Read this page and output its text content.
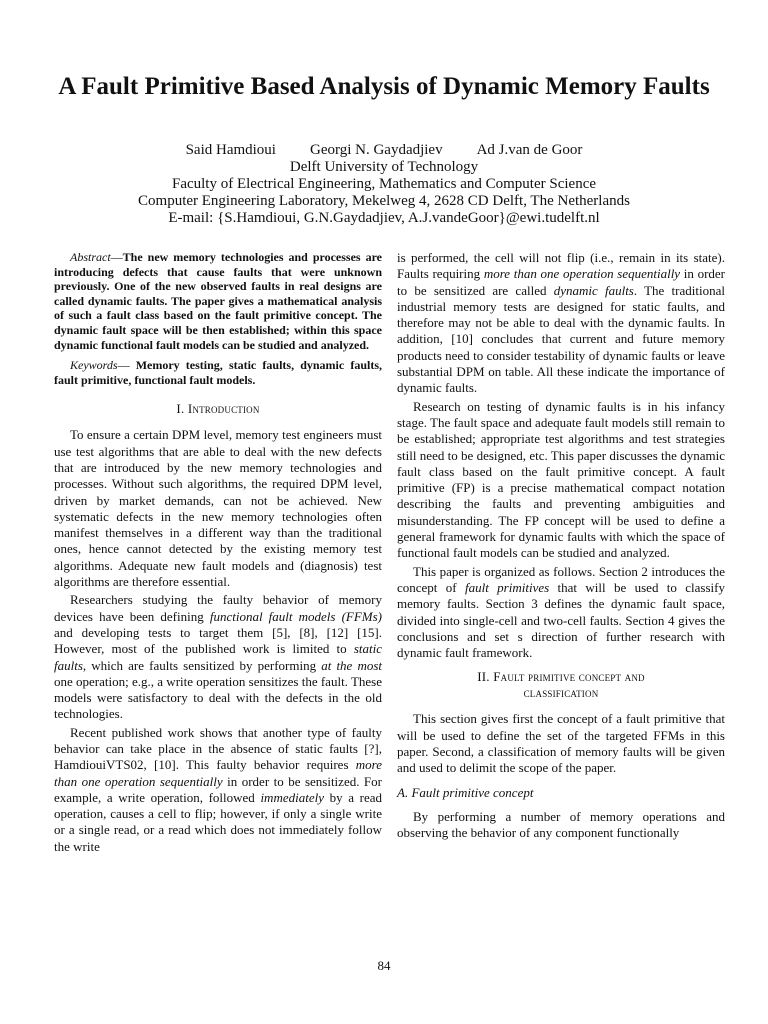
A Fault Primitive Based Analysis of Dynamic Memory Faults
Said Hamdioui Georgi N. Gaydadjiev Ad J.van de Goor
Delft University of Technology
Faculty of Electrical Engineering, Mathematics and Computer Science
Computer Engineering Laboratory, Mekelweg 4, 2628 CD Delft, The Netherlands
E-mail: {S.Hamdioui, G.N.Gaydadjiev, A.J.vandeGoor}@ewi.tudelft.nl

Abstract—The new memory technologies and processes are introducing defects that cause faults that were unknown previously. One of the new observed faults in real designs are called dynamic faults. The paper gives a mathematical analysis of such a fault class based on the fault primitive concept. The dynamic fault space will be then established; within this space dynamic functional fault models can be studied and analyzed.

Keywords— Memory testing, static faults, dynamic faults, fault primitive, functional fault models.

I. Introduction

To ensure a certain DPM level, memory test engineers must use test algorithms that are able to deal with the new defects that are introduced by the new memory technologies and processes. Without such algorithms, the required DPM level, driven by market demands, can not be achieved. New systematic defects in the new memory technologies often manifest themselves in a different way than the traditional ones, hence cannot detected by the existing memory test algorithms. Adequate new fault models and (diagnosis) test algorithms are therefore essential.

Researchers studying the faulty behavior of memory devices have been defining functional fault models (FFMs) and developing tests to target them [5], [8], [12] [15]. However, most of the published work is limited to static faults, which are faults sensitized by performing at the most one operation; e.g., a write operation sensitizes the fault. These models were satisfactory to deal with the defects in the old technologies.

Recent published work shows that another type of faulty behavior can take place in the absence of static faults [?], HamdiouiVTS02, [10]. This faulty behavior requires more than one operation sequentially in order to be sensitized. For example, a write operation, followed immediately by a read operation, causes a cell to flip; however, if only a single write or a single read, or a read which does not immediately follow the write

is performed, the cell will not flip (i.e., remain in its state). Faults requiring more than one operation sequentially in order to be sensitized are called dynamic faults. The traditional industrial memory tests are designed for static faults, and therefore may not be able to deal with the dynamic faults. In addition, [10] concludes that current and future memory products need to consider testability of dynamic faults or leave substantial DPM on table. All these indicate the importance of dynamic faults.

Research on testing of dynamic faults is in his infancy stage. The fault space and adequate fault models still remain to be established; appropriate test algorithms and test strategies still need to be designed, etc. This paper discusses the dynamic fault class based on the fault primitive concept. A fault primitive (FP) is a precise mathematical compact notation describing the faults and preventing ambiguities and misunderstanding. The FP concept will be used to define a general framework for dynamic faults with which the space of functional fault models can be studied and analyzed.

This paper is organized as follows. Section 2 introduces the concept of fault primitives that will be used to classify memory faults. Section 3 defines the dynamic fault space, divided into single-cell and two-cell faults. Section 4 gives the conclusions and set s direction of further research with dynamic fault framework.

II. Fault primitive concept and
classification

This section gives first the concept of a fault primitive that will be used to define the set of the targeted FFMs in this paper. Second, a classification of memory faults will be given and used to delimit the scope of the paper.

A. Fault primitive concept

By performing a number of memory operations and observing the behavior of any component functionally

84
